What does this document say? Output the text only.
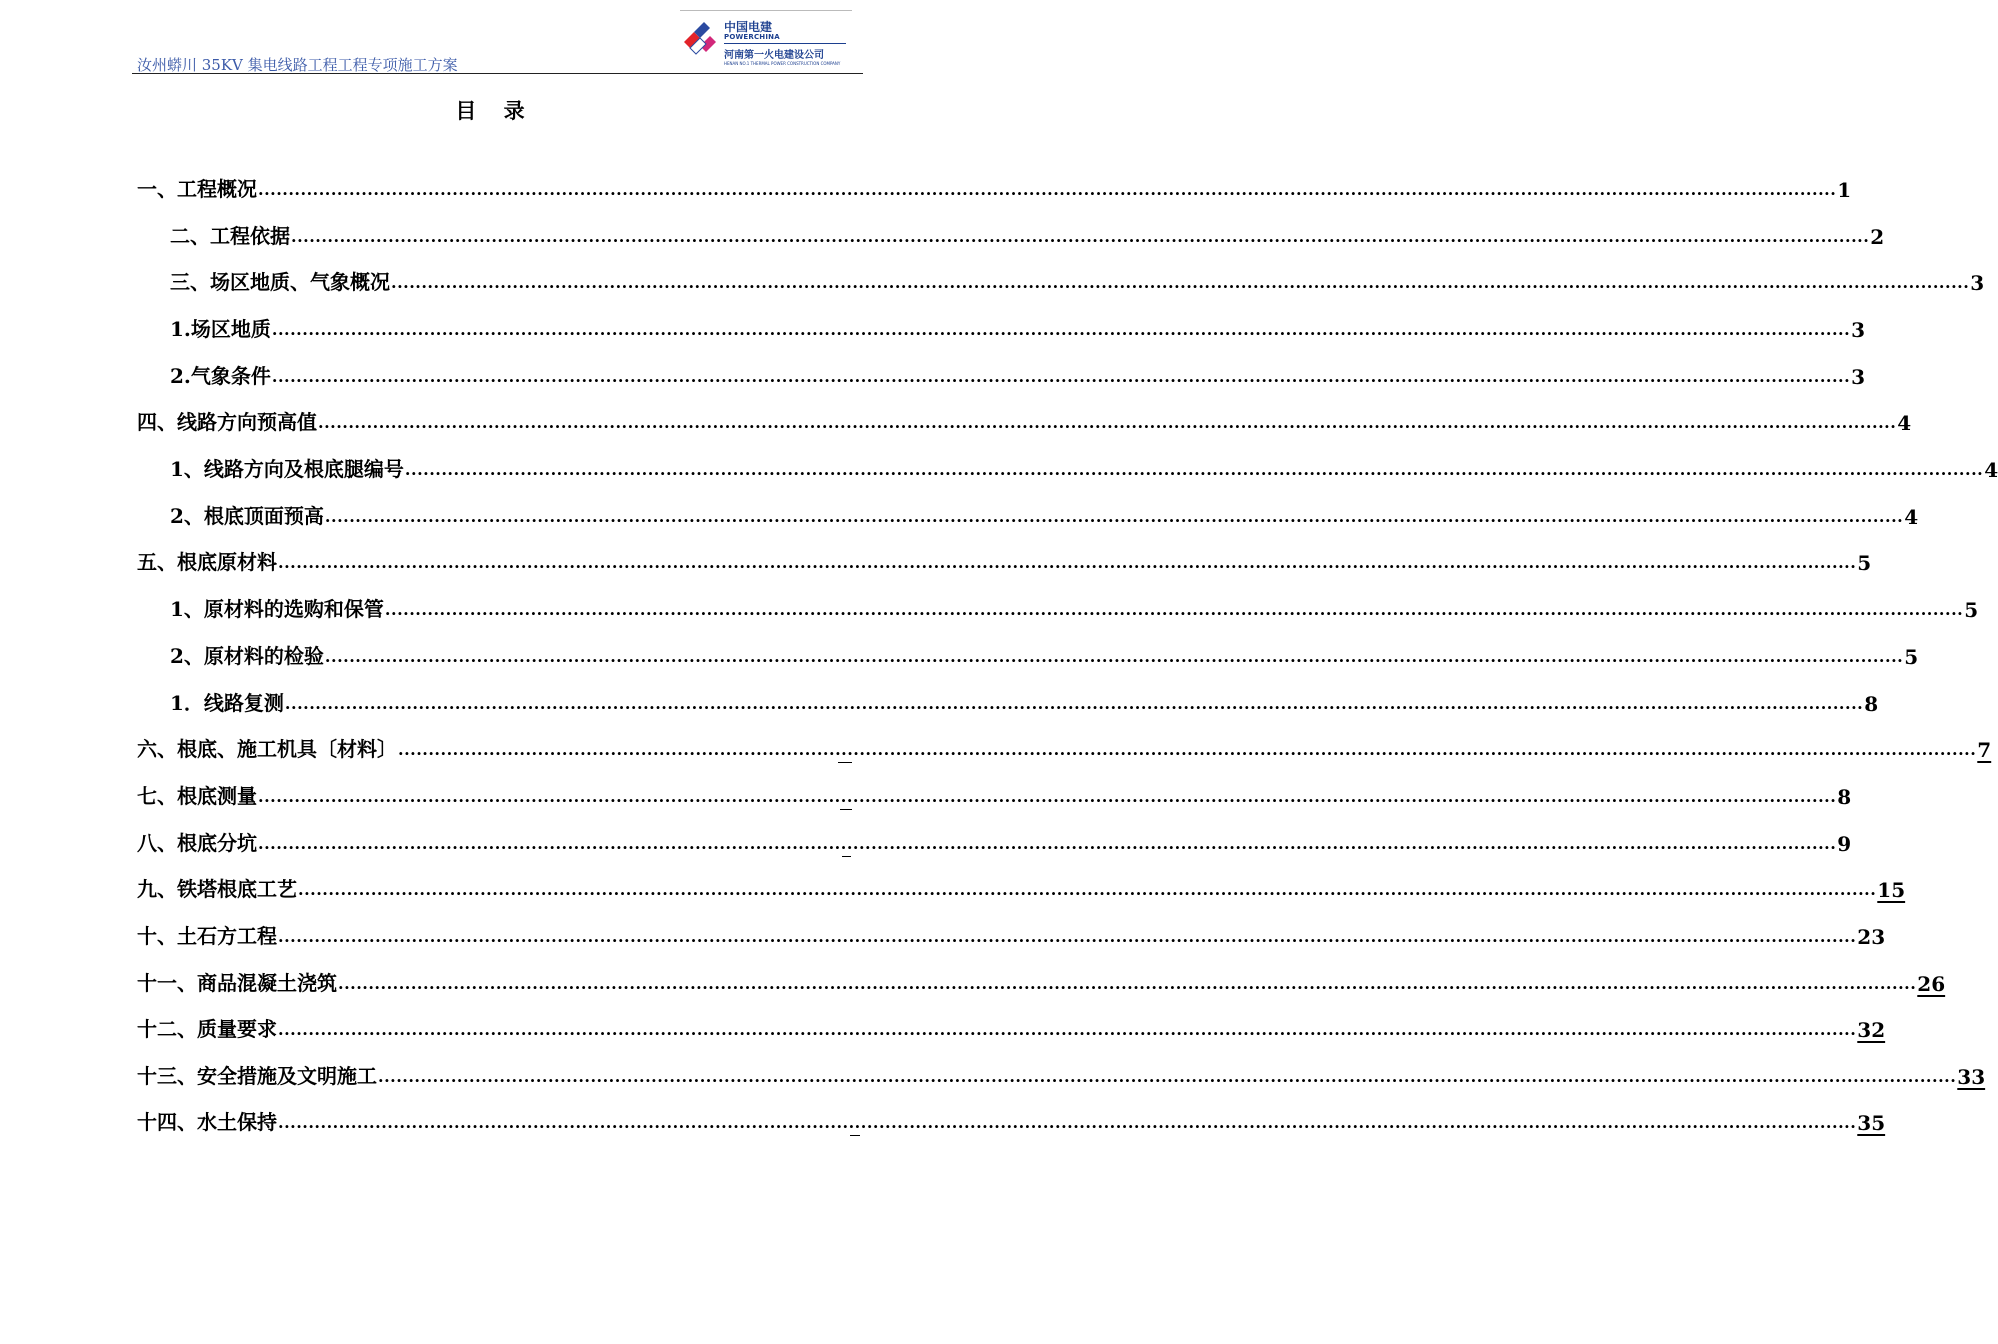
汝州蟒川 35KV 集电线路工程工程专项施工方案
中国电建
POWERCHINA
河南第一火电建设公司
HENAN NO.1 THERMAL POWER CONSTRUCTION COMPANY
目 录
一、工程概况 .................................................................................................................................................................................................................................................................... 1
二、工程依据 .................................................................................................................................................................................................................................................................... 2
三、场区地质、气象概况 .................................................................................................................................................................................................................................................................... 3
1.场区地质 .................................................................................................................................................................................................................................................................... 3
2.气象条件 .................................................................................................................................................................................................................................................................... 3
四、线路方向预高值 .................................................................................................................................................................................................................................................................... 4
1、线路方向及根底腿编号 .................................................................................................................................................................................................................................................................... 4
2、根底顶面预高 .................................................................................................................................................................................................................................................................... 4
五、根底原材料 .................................................................................................................................................................................................................................................................... 5
1、原材料的选购和保管 .................................................................................................................................................................................................................................................................... 5
2、原材料的检验 .................................................................................................................................................................................................................................................................... 5
1．线路复测 .................................................................................................................................................................................................................................................................... 8
六、根底、施工机具〔材料〕 .................................................................................................................................................................................................................................................................... 7
七、根底测量 .................................................................................................................................................................................................................................................................... 8
八、根底分坑 .................................................................................................................................................................................................................................................................... 9
九、铁塔根底工艺 .................................................................................................................................................................................................................................................................... 15
十、土石方工程 .................................................................................................................................................................................................................................................................... 23
十一、商品混凝土浇筑 .................................................................................................................................................................................................................................................................... 26
十二、质量要求 .................................................................................................................................................................................................................................................................... 32
十三、安全措施及文明施工 .................................................................................................................................................................................................................................................................... 33
十四、水土保持 .................................................................................................................................................................................................................................................................... 35
